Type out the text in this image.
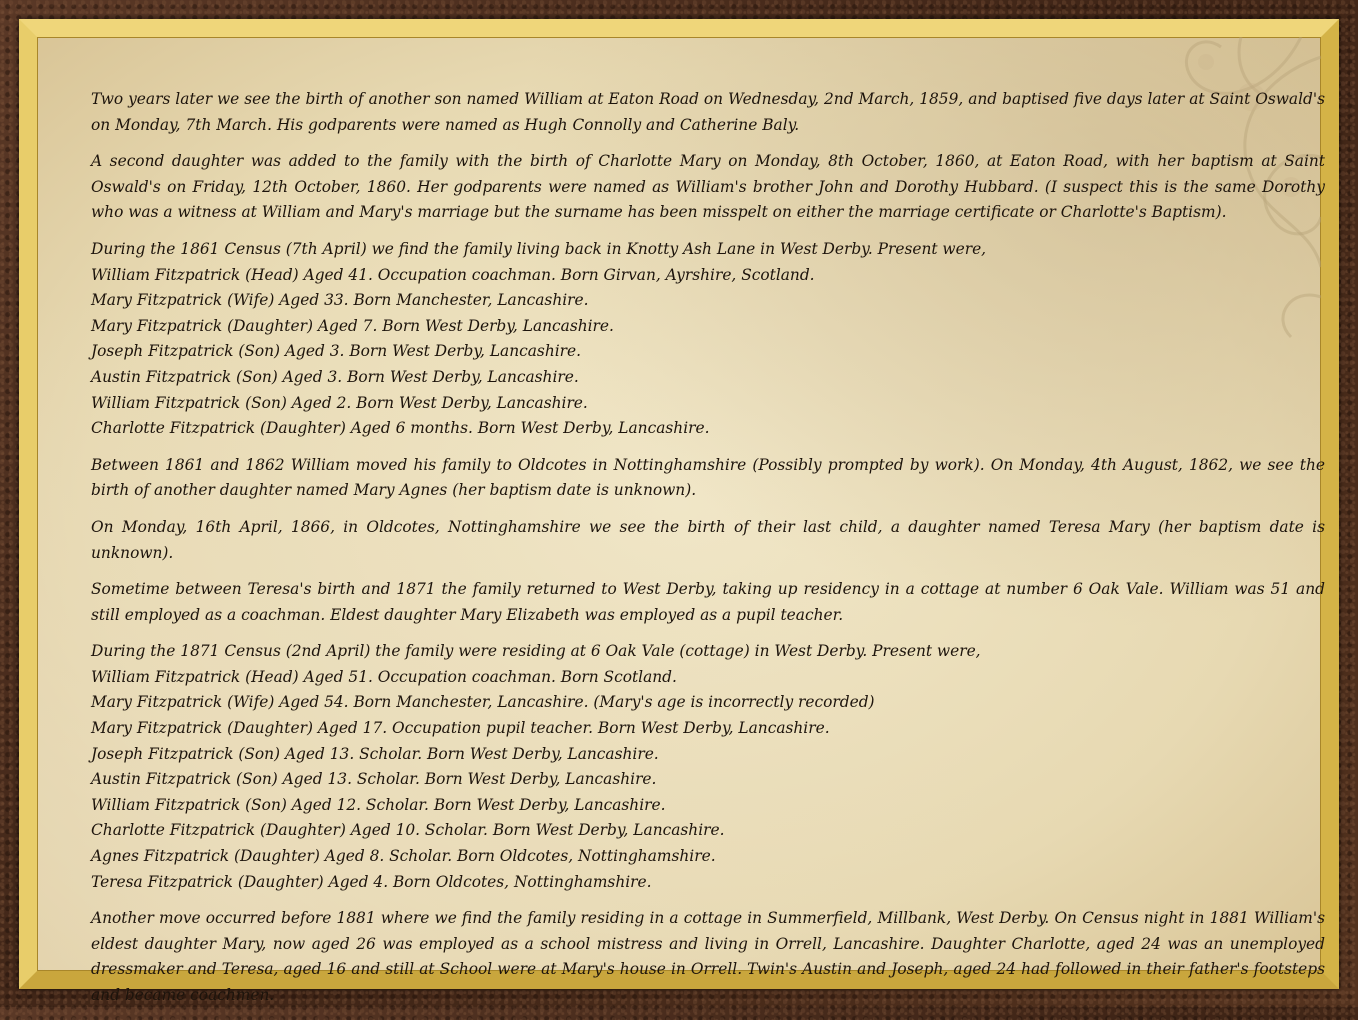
Two years later we see the birth of another son named William at Eaton Road on Wednesday, 2nd March, 1859, and baptised five days later at Saint Oswald's on Monday, 7th March. His godparents were named as Hugh Connolly and Catherine Baly.

A second daughter was added to the family with the birth of Charlotte Mary on Monday, 8th October, 1860, at Eaton Road, with her baptism at Saint Oswald's on Friday, 12th October, 1860. Her godparents were named as William's brother John and Dorothy Hubbard. (I suspect this is the same Dorothy who was a witness at William and Mary's marriage but the surname has been misspelt on either the marriage certificate or Charlotte's Baptism).

During the 1861 Census (7th April) we find the family living back in Knotty Ash Lane in West Derby. Present were,
William Fitzpatrick (Head) Aged 41. Occupation coachman. Born Girvan, Ayrshire, Scotland.
Mary Fitzpatrick (Wife) Aged 33. Born Manchester, Lancashire.
Mary Fitzpatrick (Daughter) Aged 7. Born West Derby, Lancashire.
Joseph Fitzpatrick (Son) Aged 3. Born West Derby, Lancashire.
Austin Fitzpatrick (Son) Aged 3. Born West Derby, Lancashire.
William Fitzpatrick (Son) Aged 2. Born West Derby, Lancashire.
Charlotte Fitzpatrick (Daughter) Aged 6 months. Born West Derby, Lancashire.

Between 1861 and 1862 William moved his family to Oldcotes in Nottinghamshire (Possibly prompted by work). On Monday, 4th August, 1862, we see the birth of another daughter named Mary Agnes (her baptism date is unknown).

On Monday, 16th April, 1866, in Oldcotes, Nottinghamshire we see the birth of their last child, a daughter named Teresa Mary (her baptism date is unknown).

Sometime between Teresa's birth and 1871 the family returned to West Derby, taking up residency in a cottage at number 6 Oak Vale. William was 51 and still employed as a coachman. Eldest daughter Mary Elizabeth was employed as a pupil teacher.

During the 1871 Census (2nd April) the family were residing at 6 Oak Vale (cottage) in West Derby. Present were,
William Fitzpatrick (Head) Aged 51. Occupation coachman. Born Scotland.
Mary Fitzpatrick (Wife) Aged 54. Born Manchester, Lancashire. (Mary's age is incorrectly recorded)
Mary Fitzpatrick (Daughter) Aged 17. Occupation pupil teacher. Born West Derby, Lancashire.
Joseph Fitzpatrick (Son) Aged 13. Scholar. Born West Derby, Lancashire.
Austin Fitzpatrick (Son) Aged 13. Scholar. Born West Derby, Lancashire.
William Fitzpatrick (Son) Aged 12. Scholar. Born West Derby, Lancashire.
Charlotte Fitzpatrick (Daughter) Aged 10. Scholar. Born West Derby, Lancashire.
Agnes Fitzpatrick (Daughter) Aged 8. Scholar. Born Oldcotes, Nottinghamshire.
Teresa Fitzpatrick (Daughter) Aged 4. Born Oldcotes, Nottinghamshire.

Another move occurred before 1881 where we find the family residing in a cottage in Summerfield, Millbank, West Derby. On Census night in 1881 William's eldest daughter Mary, now aged 26 was employed as a school mistress and living in Orrell, Lancashire. Daughter Charlotte, aged 24 was an unemployed dressmaker and Teresa, aged 16 and still at School were at Mary's house in Orrell. Twin's Austin and Joseph, aged 24 had followed in their father's footsteps and became coachmen.
